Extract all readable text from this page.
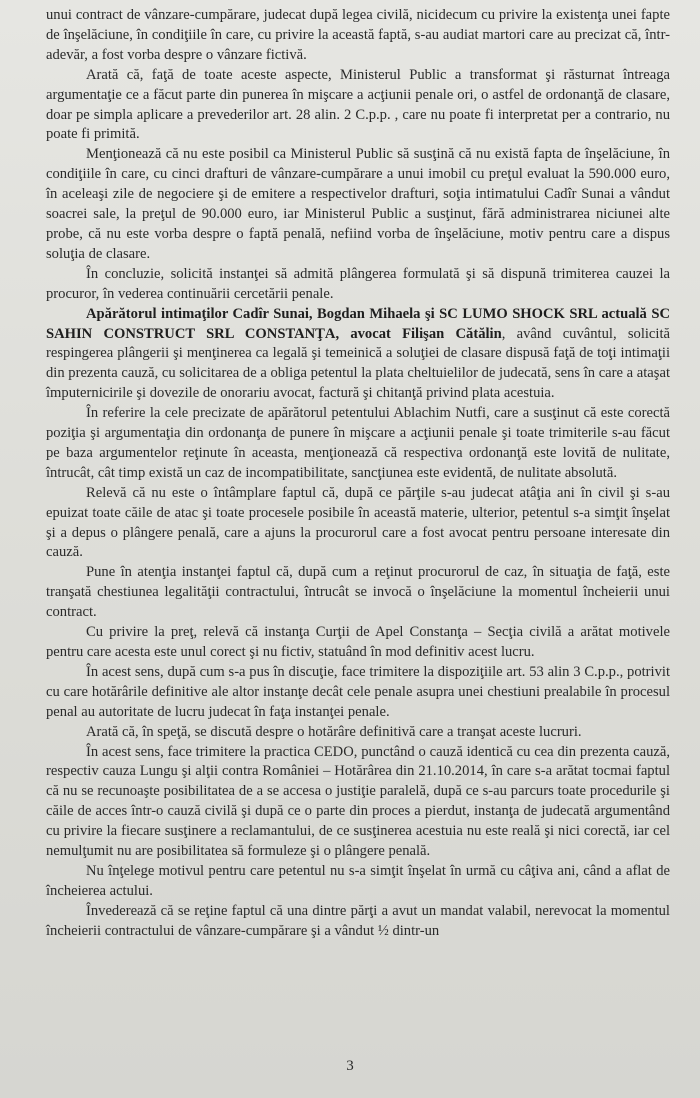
unui contract de vânzare-cumpărare, judecat după legea civilă, nicidecum cu privire la existenţa unei fapte de înşelăciune, în condiţiile în care, cu privire la această faptă, s-au audiat martori care au precizat că, într-adevăr, a fost vorba despre o vânzare fictivă.

Arată că, faţă de toate aceste aspecte, Ministerul Public a transformat şi răsturnat întreaga argumentaţie ce a făcut parte din punerea în mişcare a acţiunii penale ori, o astfel de ordonanţă de clasare, doar pe simpla aplicare a prevederilor art. 28 alin. 2 C.p.p. , care nu poate fi interpretat per a contrario, nu poate fi primită.

Menţionează că nu este posibil ca Ministerul Public să susţină că nu există fapta de înşelăciune, în condiţiile în care, cu cinci drafturi de vânzare-cumpărare a unui imobil cu preţul evaluat la 590.000 euro, în aceleaşi zile de negociere şi de emitere a respectivelor drafturi, soţia intimatului Cadîr Sunai a vândut soacrei sale, la preţul de 90.000 euro, iar Ministerul Public a susţinut, fără administrarea niciunei alte probe, că nu este vorba despre o faptă penală, nefiind vorba de înşelăciune, motiv pentru care a dispus soluţia de clasare.

În concluzie, solicită instanţei să admită plângerea formulată şi să dispună trimiterea cauzei la procuror, în vederea continuării cercetării penale.

Apărătorul intimaţilor Cadîr Sunai, Bogdan Mihaela şi SC LUMO SHOCK SRL actuală SC SAHIN CONSTRUCT SRL CONSTANŢA, avocat Filişan Cătălin, având cuvântul, solicită respingerea plângerii şi menţinerea ca legală şi temeinică a soluţiei de clasare dispusă faţă de toţi intimaţii din prezenta cauză, cu solicitarea de a obliga petentul la plata cheltuielilor de judecată, sens în care a ataşat împuternicirile şi dovezile de onorariu avocat, factură şi chitanţă privind plata acestuia.

În referire la cele precizate de apărătorul petentului Ablachim Nutfi, care a susţinut că este corectă poziţia şi argumentaţia din ordonanţa de punere în mişcare a acţiunii penale şi toate trimiterile s-au făcut pe baza argumentelor reţinute în aceasta, menţionează că respectiva ordonanţă este lovită de nulitate, întrucât, cât timp există un caz de incompatibilitate, sancţiunea este evidentă, de nulitate absolută.

Relevă că nu este o întâmplare faptul că, după ce părţile s-au judecat atâţia ani în civil şi s-au epuizat toate căile de atac şi toate procesele posibile în această materie, ulterior, petentul s-a simţit înşelat şi a depus o plângere penală, care a ajuns la procurorul care a fost avocat pentru persoane interesate din cauză.

Pune în atenţia instanţei faptul că, după cum a reţinut procurorul de caz, în situaţia de faţă, este tranşată chestiunea legalităţii contractului, întrucât se invocă o înşelăciune la momentul încheierii unui contract.

Cu privire la preţ, relevă că instanţa Curţii de Apel Constanţa – Secţia civilă a arătat motivele pentru care acesta este unul corect şi nu fictiv, statuând în mod definitiv acest lucru.

În acest sens, după cum s-a pus în discuţie, face trimitere la dispoziţiile art. 53 alin 3 C.p.p., potrivit cu care hotărârile definitive ale altor instanţe decât cele penale asupra unei chestiuni prealabile în procesul penal au autoritate de lucru judecat în faţa instanţei penale.

Arată că, în speţă, se discută despre o hotărâre definitivă care a tranşat aceste lucruri.

În acest sens, face trimitere la practica CEDO, punctând o cauză identică cu cea din prezenta cauză, respectiv cauza Lungu şi alţii contra României – Hotărârea din 21.10.2014, în care s-a arătat tocmai faptul că nu se recunoaşte posibilitatea de a se accesa o justiţie paralelă, după ce s-au parcurs toate procedurile şi căile de acces într-o cauză civilă şi după ce o parte din proces a pierdut, instanţa de judecată argumentând cu privire la fiecare susţinere a reclamantului, de ce susţinerea acestuia nu este reală şi nici corectă, iar cel nemulţumit nu are posibilitatea să formuleze şi o plângere penală.

Nu înţelege motivul pentru care petentul nu s-a simţit înşelat în urmă cu câţiva ani, când a aflat de încheierea actului.

Învederează că se reţine faptul că una dintre părţi a avut un mandat valabil, nerevocat la momentul încheierii contractului de vânzare-cumpărare şi a vândut ½ dintr-un

3
